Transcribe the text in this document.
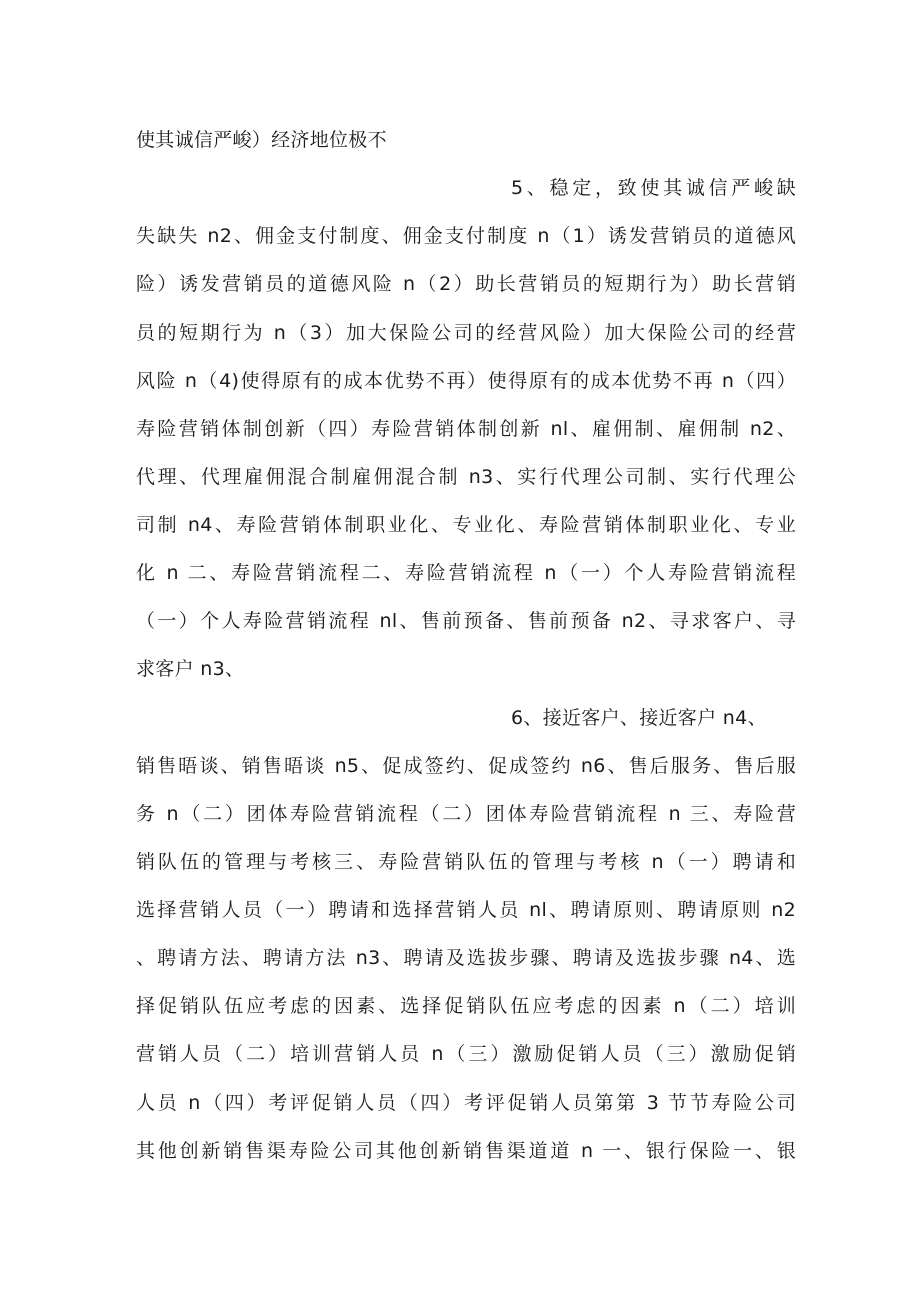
使其诚信严峻）经济地位极不
5、稳定，致使其诚信严峻缺
失缺失 n2、佣金支付制度、佣金支付制度 n（1）诱发营销员的道德风
险）诱发营销员的道德风险 n（2）助长营销员的短期行为）助长营销
员的短期行为 n（3）加大保险公司的经营风险）加大保险公司的经营
风险 n（4)使得原有的成本优势不再）使得原有的成本优势不再 n（四）
寿险营销体制创新（四）寿险营销体制创新 nl、雇佣制、雇佣制 n2、
代理、代理雇佣混合制雇佣混合制 n3、实行代理公司制、实行代理公
司制 n4、寿险营销体制职业化、专业化、寿险营销体制职业化、专业
化 n 二、寿险营销流程二、寿险营销流程 n（一）个人寿险营销流程
（一）个人寿险营销流程 nl、售前预备、售前预备 n2、寻求客户、寻
求客户 n3、
6、接近客户、接近客户 n4、
销售晤谈、销售晤谈 n5、促成签约、促成签约 n6、售后服务、售后服
务 n（二）团体寿险营销流程（二）团体寿险营销流程 n 三、寿险营
销队伍的管理与考核三、寿险营销队伍的管理与考核 n（一）聘请和
选择营销人员（一）聘请和选择营销人员 nl、聘请原则、聘请原则 n2
、聘请方法、聘请方法 n3、聘请及选拔步骤、聘请及选拔步骤 n4、选
择促销队伍应考虑的因素、选择促销队伍应考虑的因素 n（二）培训
营销人员（二）培训营销人员 n（三）激励促销人员（三）激励促销
人员 n（四）考评促销人员（四）考评促销人员第第 3 节节寿险公司
其他创新销售渠寿险公司其他创新销售渠道道 n 一、银行保险一、银
